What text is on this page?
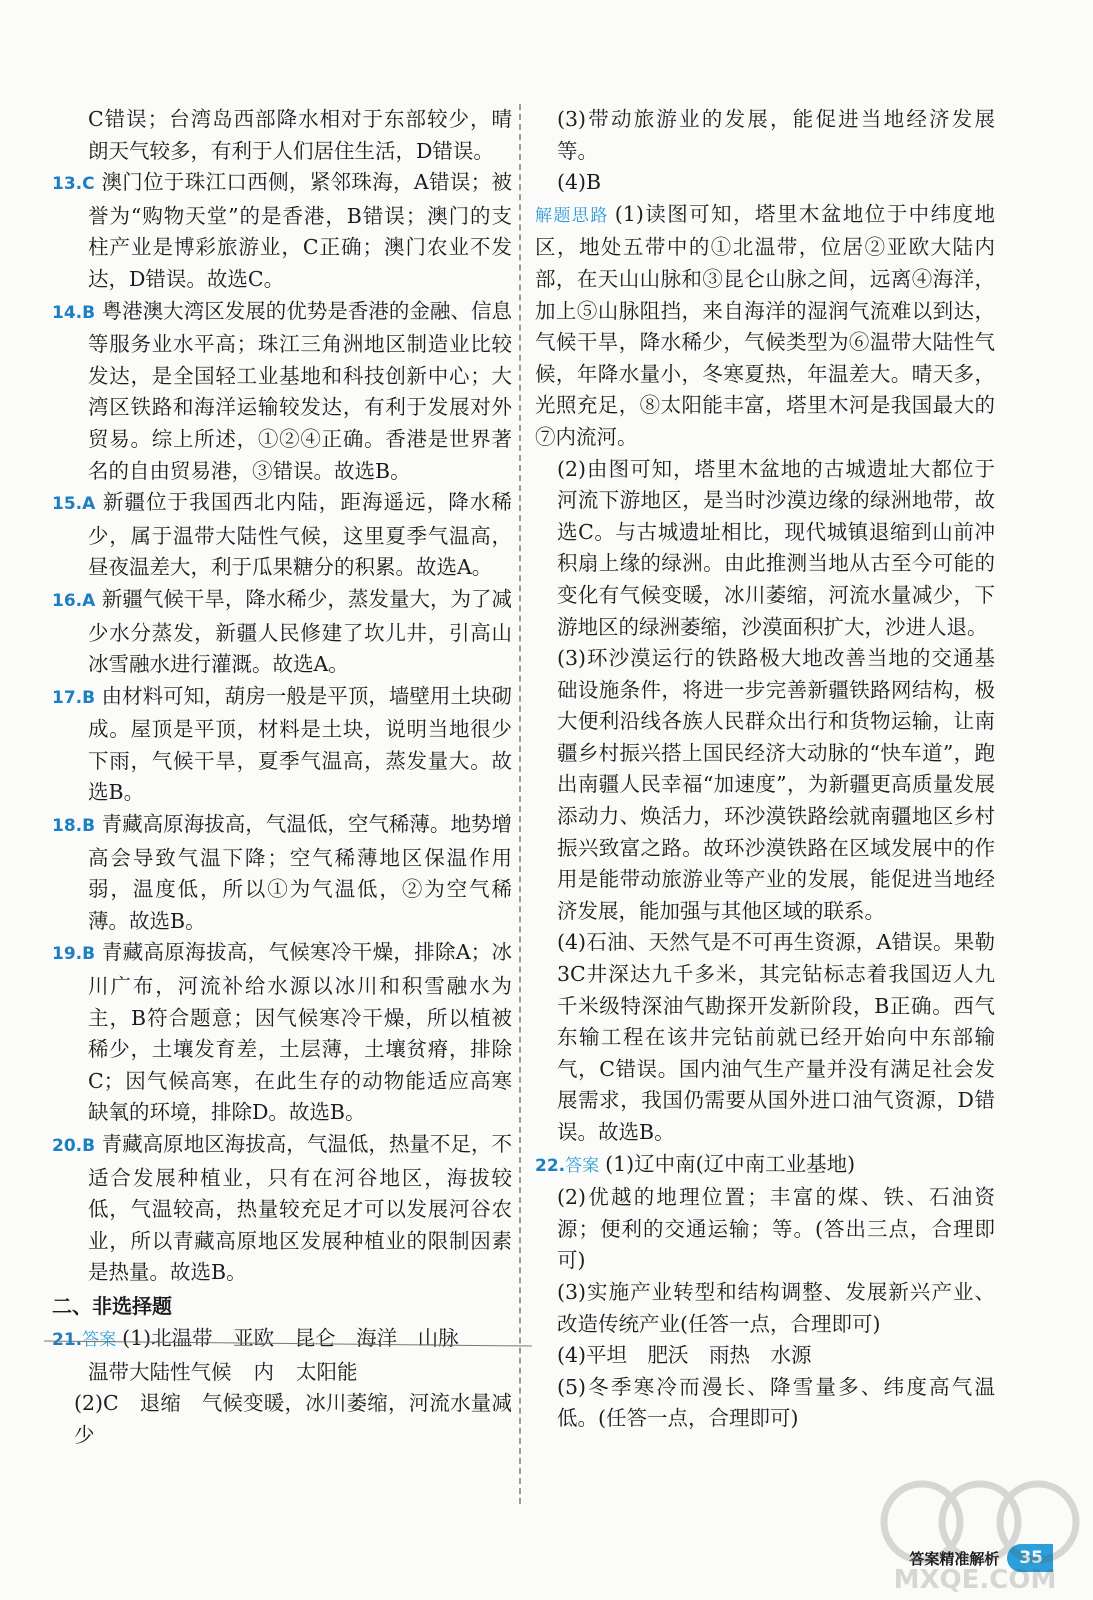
C错误；台湾岛西部降水相对于东部较少，晴朗天气较多，有利于人们居住生活，D错误。

13.C 澳门位于珠江口西侧，紧邻珠海，A错误；被誉为“购物天堂”的是香港，B错误；澳门的支柱产业是博彩旅游业，C正确；澳门农业不发达，D错误。故选C。

14.B 粤港澳大湾区发展的优势是香港的金融、信息等服务业水平高；珠江三角洲地区制造业比较发达，是全国轻工业基地和科技创新中心；大湾区铁路和海洋运输较发达，有利于发展对外贸易。综上所述，①②④正确。香港是世界著名的自由贸易港，③错误。故选B。

15.A 新疆位于我国西北内陆，距海遥远，降水稀少，属于温带大陆性气候，这里夏季气温高，昼夜温差大，利于瓜果糖分的积累。故选A。

16.A 新疆气候干旱，降水稀少，蒸发量大，为了减少水分蒸发，新疆人民修建了坎儿井，引高山冰雪融水进行灌溉。故选A。

17.B 由材料可知，葫房一般是平顶，墙壁用土块砌成。屋顶是平顶，材料是土块，说明当地很少下雨，气候干旱，夏季气温高，蒸发量大。故选B。

18.B 青藏高原海拔高，气温低，空气稀薄。地势增高会导致气温下降；空气稀薄地区保温作用弱，温度低，所以①为气温低，②为空气稀薄。故选B。

19.B 青藏高原海拔高，气候寒冷干燥，排除A；冰川广布，河流补给水源以冰川和积雪融水为主，B符合题意；因气候寒冷干燥，所以植被稀少，土壤发育差，土层薄，土壤贫瘠，排除C；因气候高寒，在此生存的动物能适应高寒缺氧的环境，排除D。故选B。

20.B 青藏高原地区海拔高，气温低，热量不足，不适合发展种植业，只有在河谷地区，海拔较低，气温较高，热量较充足才可以发展河谷农业，所以青藏高原地区发展种植业的限制因素是热量。故选B。

二、非选择题

21.答案 (1)北温带　亚欧　昆仑　海洋　山脉

温带大陆性气候 内 太阳能

(2)C　退缩　气候变暖，冰川萎缩，河流水量减少

(3)带动旅游业的发展，能促进当地经济发展等。

(4)B

解题思路 (1)读图可知，塔里木盆地位于中纬度地区，地处五带中的①北温带，位居②亚欧大陆内部，在天山山脉和③昆仑山脉之间，远离④海洋，加上⑤山脉阻挡，来自海洋的湿润气流难以到达，气候干旱，降水稀少，气候类型为⑥温带大陆性气候，年降水量小，冬寒夏热，年温差大。晴天多，光照充足，⑧太阳能丰富，塔里木河是我国最大的⑦内流河。

(2)由图可知，塔里木盆地的古城遗址大都位于河流下游地区，是当时沙漠边缘的绿洲地带，故选C。与古城遗址相比，现代城镇退缩到山前冲积扇上缘的绿洲。由此推测当地从古至今可能的变化有气候变暖，冰川萎缩，河流水量减少，下游地区的绿洲萎缩，沙漠面积扩大，沙进人退。

(3)环沙漠运行的铁路极大地改善当地的交通基础设施条件，将进一步完善新疆铁路网结构，极大便利沿线各族人民群众出行和货物运输，让南疆乡村振兴搭上国民经济大动脉的“快车道”，跑出南疆人民幸福“加速度”，为新疆更高质量发展添动力、焕活力，环沙漠铁路绘就南疆地区乡村振兴致富之路。故环沙漠铁路在区域发展中的作用是能带动旅游业等产业的发展，能促进当地经济发展，能加强与其他区域的联系。

(4)石油、天然气是不可再生资源，A错误。果勒3C井深达九千多米，其完钻标志着我国迈人九千米级特深油气勘探开发新阶段，B正确。西气东输工程在该井完钻前就已经开始向中东部输气，C错误。国内油气生产量并没有满足社会发展需求，我国仍需要从国外进口油气资源，D错误。故选B。

22.答案 (1)辽中南(辽中南工业基地)

(2)优越的地理位置；丰富的煤、铁、石油资源；便利的交通运输；等。(答出三点，合理即可)

(3)实施产业转型和结构调整、发展新兴产业、改造传统产业(任答一点，合理即可)

(4)平坦　肥沃　雨热　水源

(5)冬季寒冷而漫长、降雪量多、纬度高气温低。(任答一点，合理即可)

答案精准解析	35
MXQE.COM
